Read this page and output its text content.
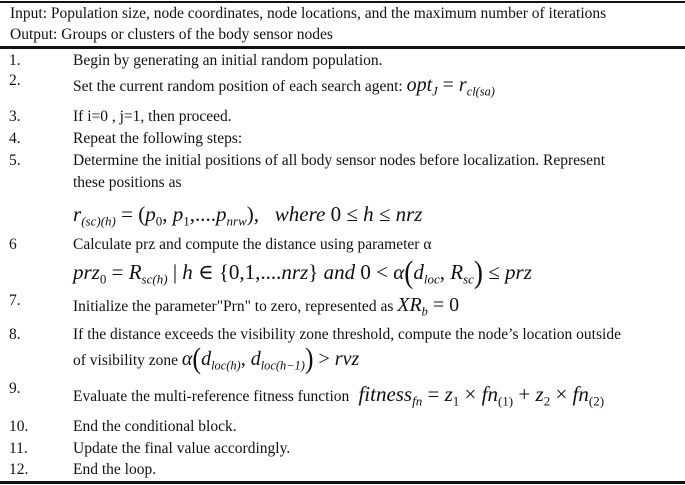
Input: Population size, node coordinates, node locations, and the maximum number of iterations
Output: Groups or clusters of the body sensor nodes
1.	Begin by generating an initial random population.
2.	Set the current random position of each search agent: $opt_J = r_{cl(sa)}$
3.	If i=0 , j=1, then proceed.
4.	Repeat the following steps:
5.	Determine the initial positions of all body sensor nodes before localization. Represent
these positions as
$r_{(sc)(h)} = (p_0$, $p_1,....p_{nrw}$),   where 0 ≤ h ≤ nrz
6	Calculate prz and compute the distance using parameter α
$prz_0 = R_{sc(h)}$ | h ∈ {0,1,....nrz} and $0 < \alpha(d_{loc}$, $R_{sc}$) ≤ prz
7.	Initialize the parameter"Prn" to zero, represented as $XR_b = 0$
8.	If the distance exceeds the visibility zone threshold, compute the node’s location outside
of visibility zone $\alpha(d_{loc(h)}$, $d_{loc(h-1)}$) > rvz
9.	Evaluate the multi-reference fitness function fitness$_{fn}$ = $z_1 \times fn_{(1)} + z_2 \times fn_{(2)}$
10.	End the conditional block.
11.	Update the final value accordingly.
12.	End the loop.
